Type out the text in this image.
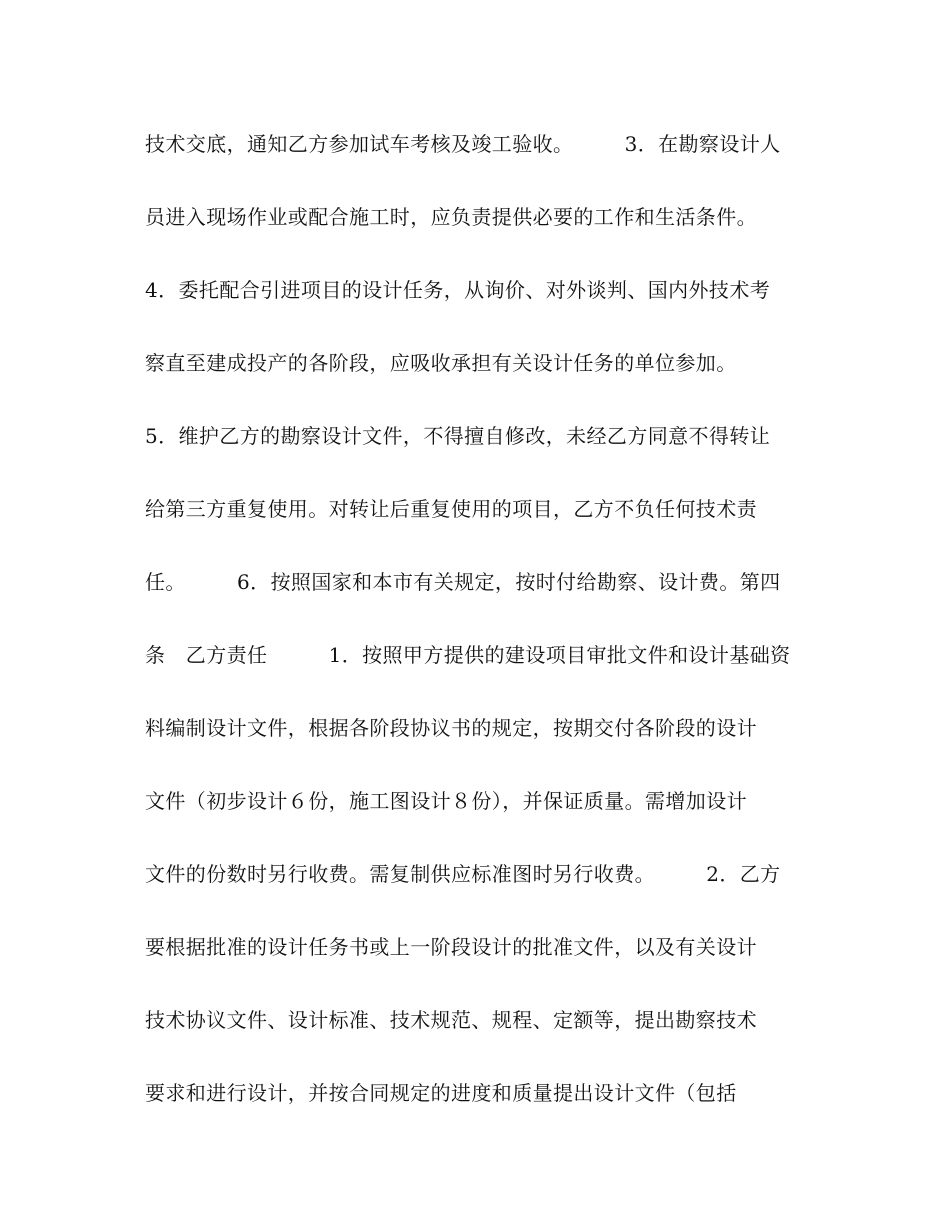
技术交底，通知乙方参加试车考核及竣工验收。　　　3．在勘察设计人
员进入现场作业或配合施工时，应负责提供必要的工作和生活条件。
4．委托配合引进项目的设计任务，从询价、对外谈判、国内外技术考
察直至建成投产的各阶段，应吸收承担有关设计任务的单位参加。
5．维护乙方的勘察设计文件，不得擅自修改，未经乙方同意不得转让
给第三方重复使用。对转让后重复使用的项目，乙方不负任何技术责
任。　　　6．按照国家和本市有关规定，按时付给勘察、设计费。第四
条　乙方责任　　　1．按照甲方提供的建设项目审批文件和设计基础资
料编制设计文件，根据各阶段协议书的规定，按期交付各阶段的设计
文件（初步设计６份，施工图设计８份），并保证质量。需增加设计
文件的份数时另行收费。需复制供应标准图时另行收费。　　　2．乙方
要根据批准的设计任务书或上一阶段设计的批准文件，以及有关设计
技术协议文件、设计标准、技术规范、规程、定额等，提出勘察技术
要求和进行设计，并按合同规定的进度和质量提出设计文件（包括
